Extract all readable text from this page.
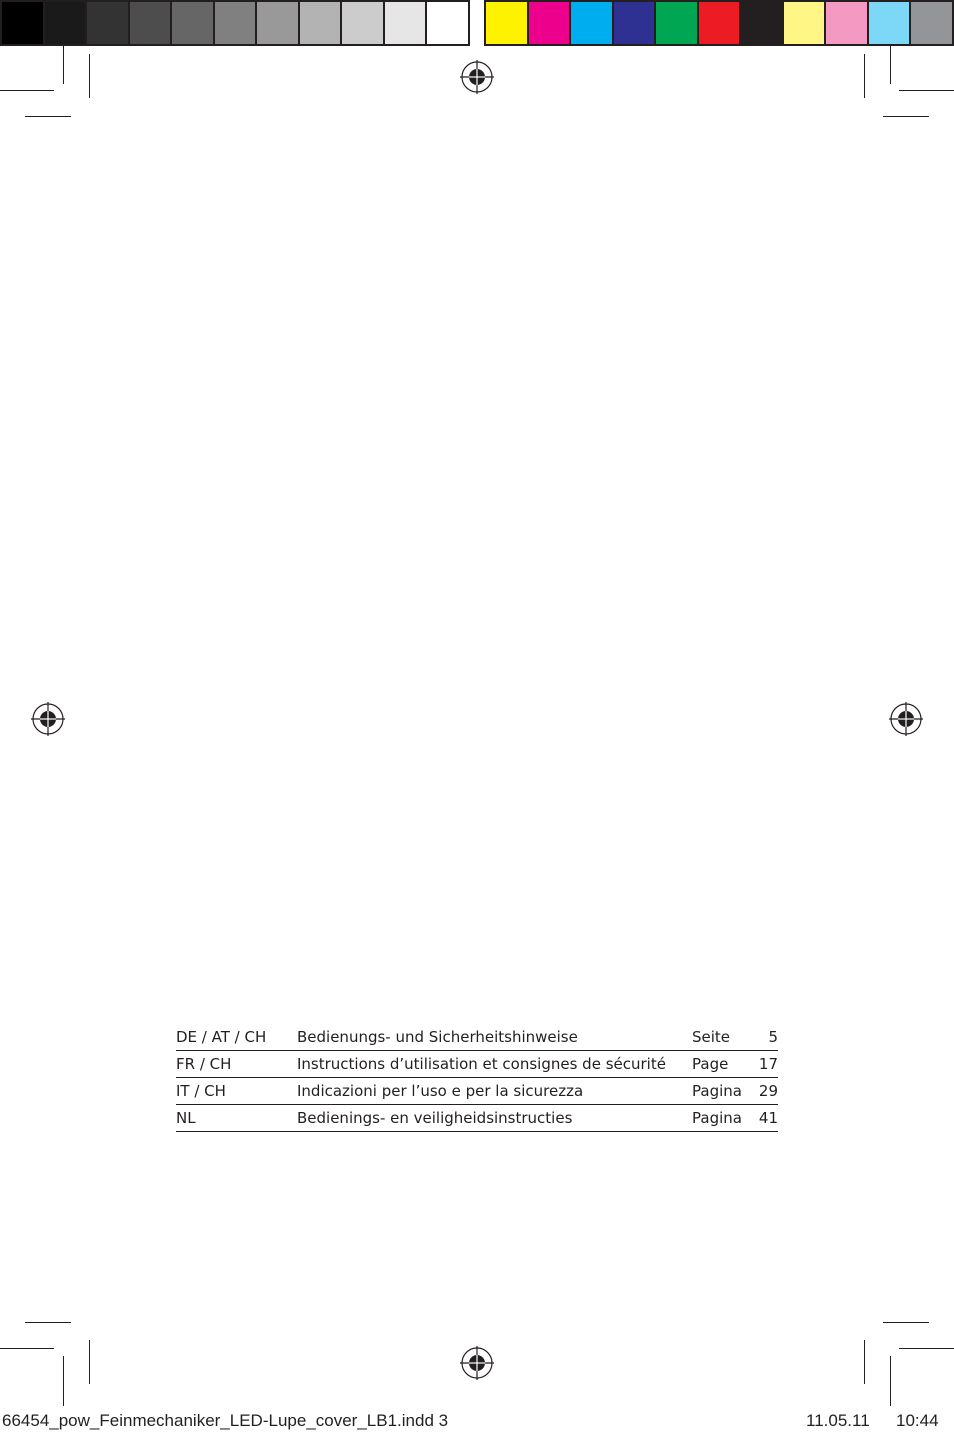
DE / AT / CH	Bedienungs- und Sicherheitshinweise	Seite	5
FR / CH	Instructions d’utilisation et consignes de sécurité	Page	17
IT / CH	Indicazioni per l’uso e per la sicurezza	Pagina	29
NL	Bedienings- en veiligheidsinstructies	Pagina	41
66454_pow_Feinmechaniker_LED-Lupe_cover_LB1.indd 3	11.05.11 10:44
